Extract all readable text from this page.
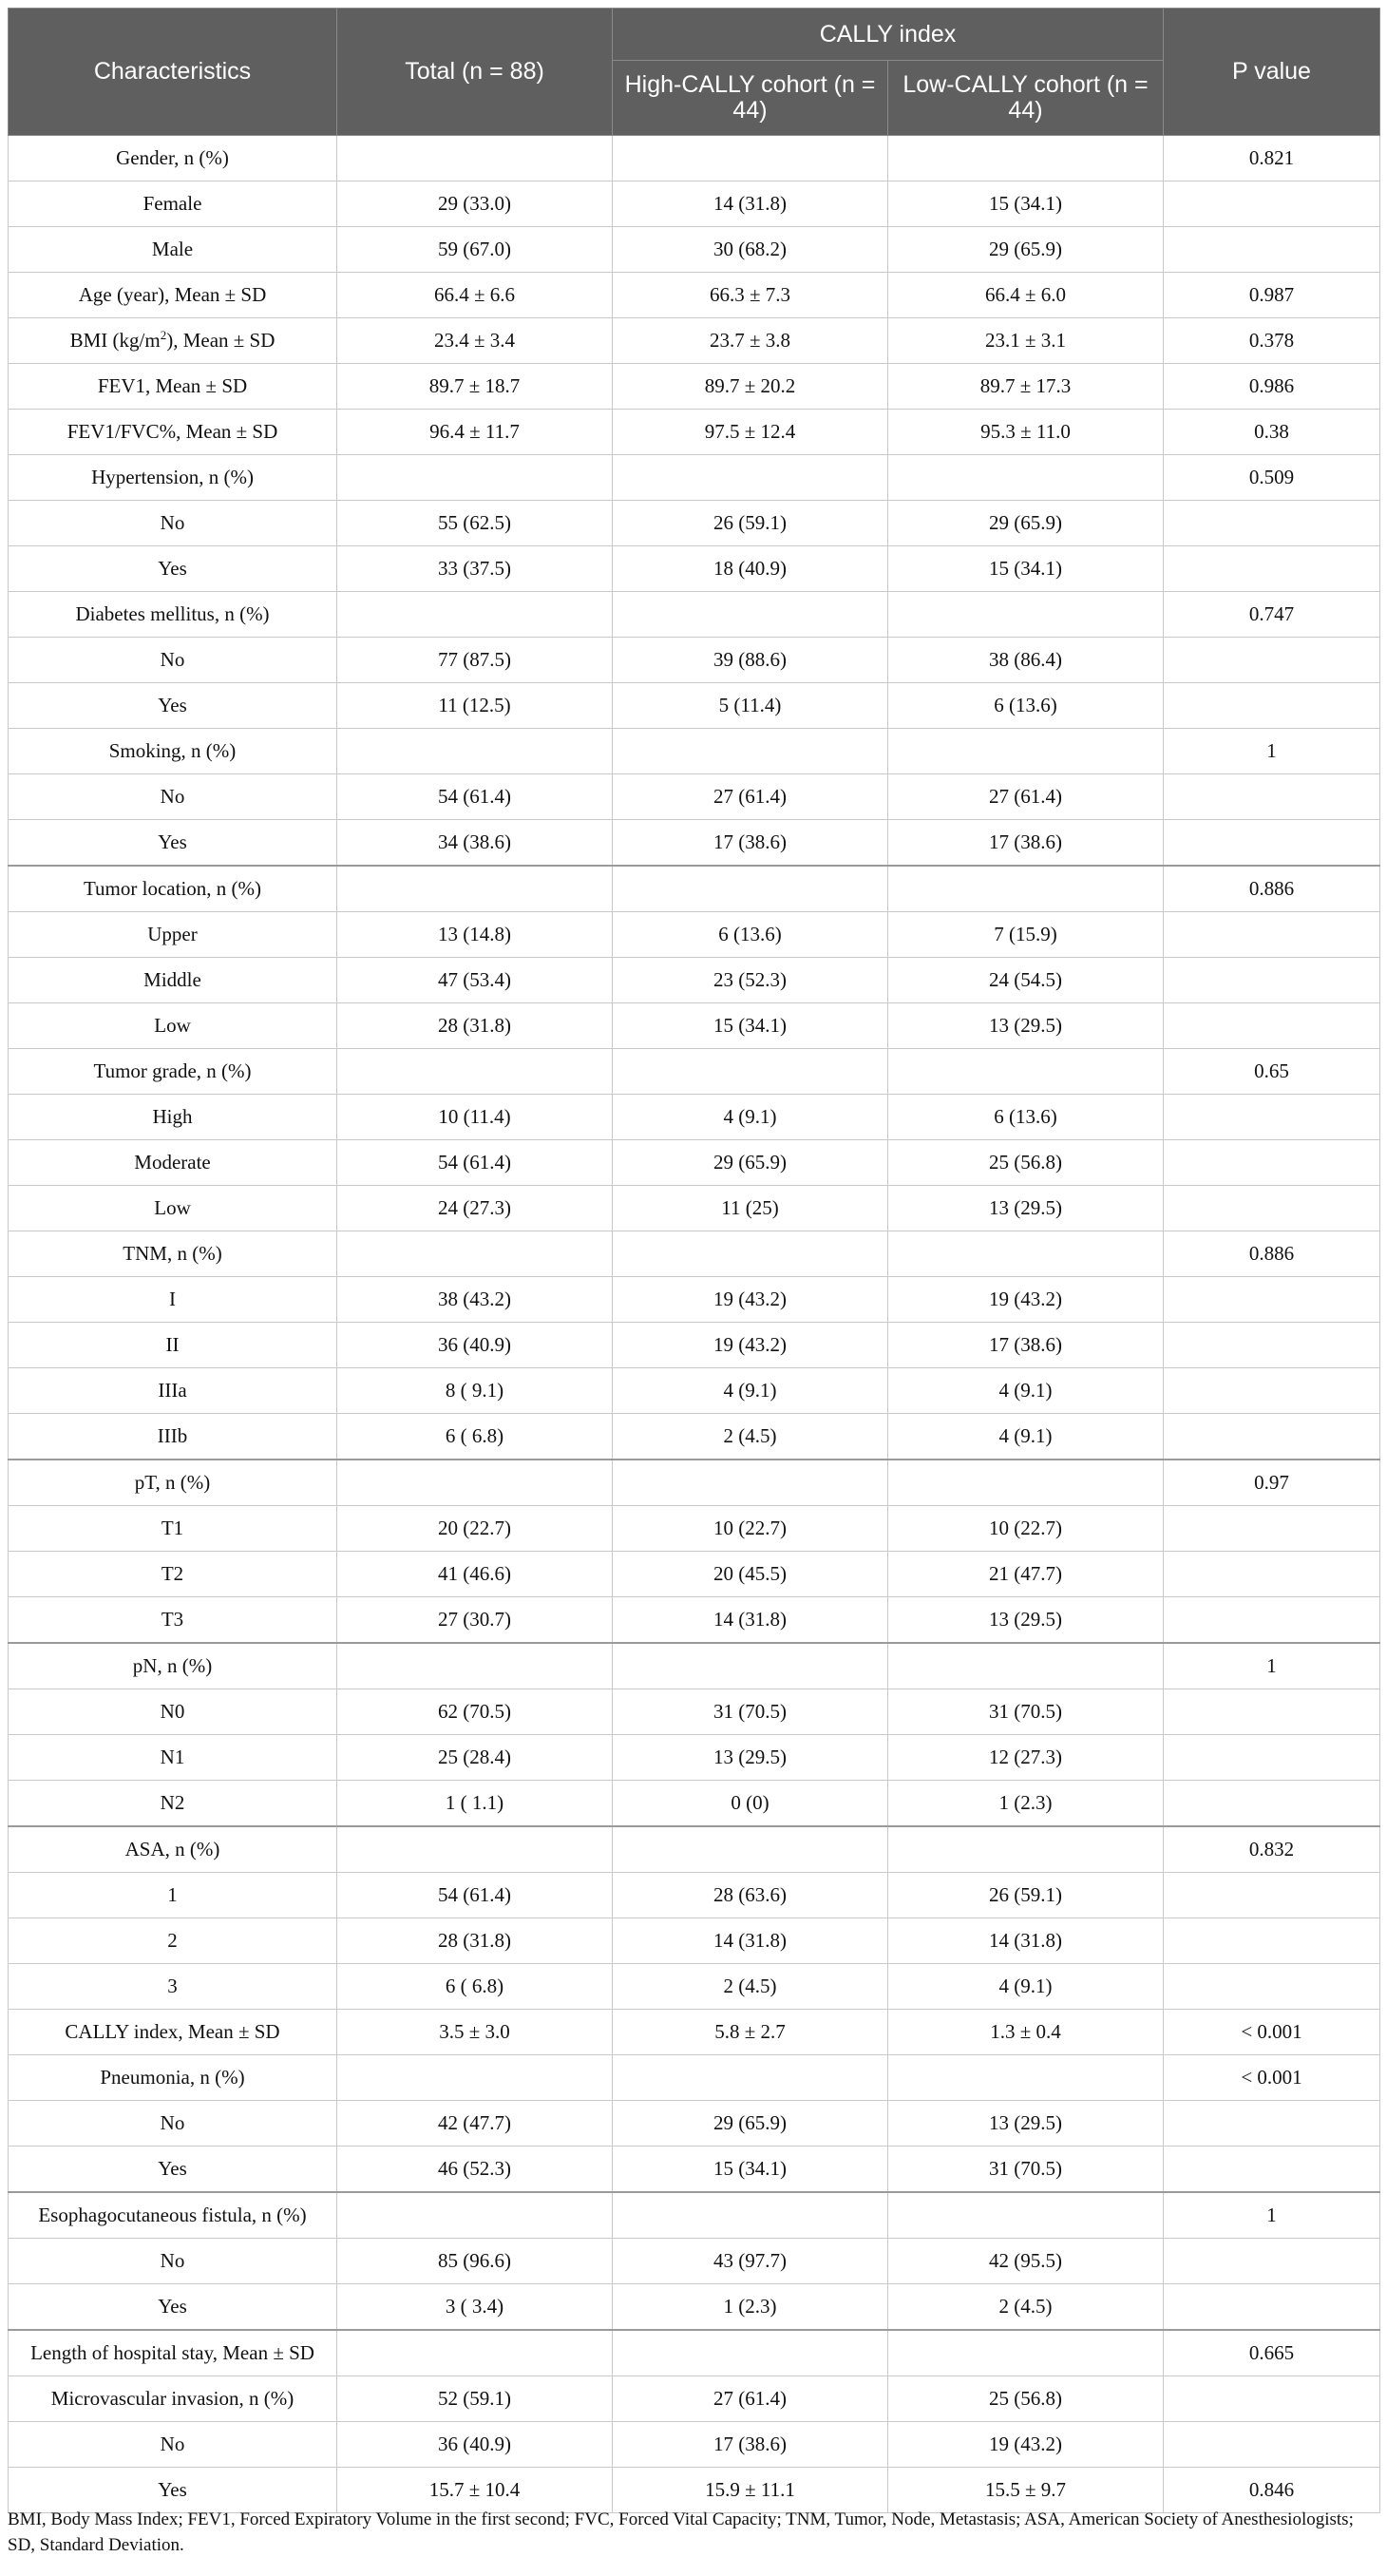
Characteristics	Total (n = 88)	CALLY index		P value
		High-CALLY cohort (n = 44)	Low-CALLY cohort (n = 44)	
Gender, n (%)				0.821
Female	29 (33.0)	14 (31.8)	15 (34.1)	
Male	59 (67.0)	30 (68.2)	29 (65.9)	
Age (year), Mean ± SD	66.4 ± 6.6	66.3 ± 7.3	66.4 ± 6.0	0.987
BMI $(kg/m^2)$, Mean ± SD	23.4 ± 3.4	23.7 ± 3.8	23.1 ± 3.1	0.378
FEV1, Mean ± SD	89.7 ± 18.7	89.7 ± 20.2	89.7 ± 17.3	0.986
FEV1/FVC%, Mean ± SD	96.4 ± 11.7	97.5 ± 12.4	95.3 ± 11.0	0.38
Hypertension, n (%)				0.509
No	55 (62.5)	26 (59.1)	29 (65.9)	
Yes	33 (37.5)	18 (40.9)	15 (34.1)	
Diabetes mellitus, n (%)				0.747
No	77 (87.5)	39 (88.6)	38 (86.4)	
Yes	11 (12.5)	5 (11.4)	6 (13.6)	
Smoking, n (%)				1
No	54 (61.4)	27 (61.4)	27 (61.4)	
Yes	34 (38.6)	17 (38.6)	17 (38.6)	
Tumor location, n (%)				0.886
Upper	13 (14.8)	6 (13.6)	7 (15.9)	
Middle	47 (53.4)	23 (52.3)	24 (54.5)	
Low	28 (31.8)	15 (34.1)	13 (29.5)	
Tumor grade, n (%)				0.65
High	10 (11.4)	4 (9.1)	6 (13.6)	
Moderate	54 (61.4)	29 (65.9)	25 (56.8)	
Low	24 (27.3)	11 (25)	13 (29.5)	
TNM, n (%)				0.886
I	38 (43.2)	19 (43.2)	19 (43.2)	
II	36 (40.9)	19 (43.2)	17 (38.6)	
IIIa	8 ( 9.1)	4 (9.1)	4 (9.1)	
IIIb	6 ( 6.8)	2 (4.5)	4 (9.1)	
pT, n (%)				0.97
T1	20 (22.7)	10 (22.7)	10 (22.7)	
T2	41 (46.6)	20 (45.5)	21 (47.7)	
T3	27 (30.7)	14 (31.8)	13 (29.5)	
pN, n (%)				1
N0	62 (70.5)	31 (70.5)	31 (70.5)	
N1	25 (28.4)	13 (29.5)	12 (27.3)	
N2	1 ( 1.1)	0 (0)	1 (2.3)	
ASA, n (%)				0.832
1	54 (61.4)	28 (63.6)	26 (59.1)	
2	28 (31.8)	14 (31.8)	14 (31.8)	
3	6 ( 6.8)	2 (4.5)	4 (9.1)	
CALLY index, Mean ± SD	3.5 ± 3.0	5.8 ± 2.7	1.3 ± 0.4	< 0.001
Pneumonia, n (%)				< 0.001
No	42 (47.7)	29 (65.9)	13 (29.5)	
Yes	46 (52.3)	15 (34.1)	31 (70.5)	
Esophagocutaneous fistula, n (%)				1
No	85 (96.6)	43 (97.7)	42 (95.5)	
Yes	3 ( 3.4)	1 (2.3)	2 (4.5)	
Length of hospital stay, Mean ± SD				0.665
Microvascular invasion, n (%)	52 (59.1)	27 (61.4)	25 (56.8)	
No	36 (40.9)	17 (38.6)	19 (43.2)	
Yes	15.7 ± 10.4	15.9 ± 11.1	15.5 ± 9.7	0.846
BMI, Body Mass Index; FEV1, Forced Expiratory Volume in the first second; FVC, Forced Vital Capacity; TNM, Tumor, Node, Metastasis; ASA, American Society of Anesthesiologists; SD, Standard Deviation.
